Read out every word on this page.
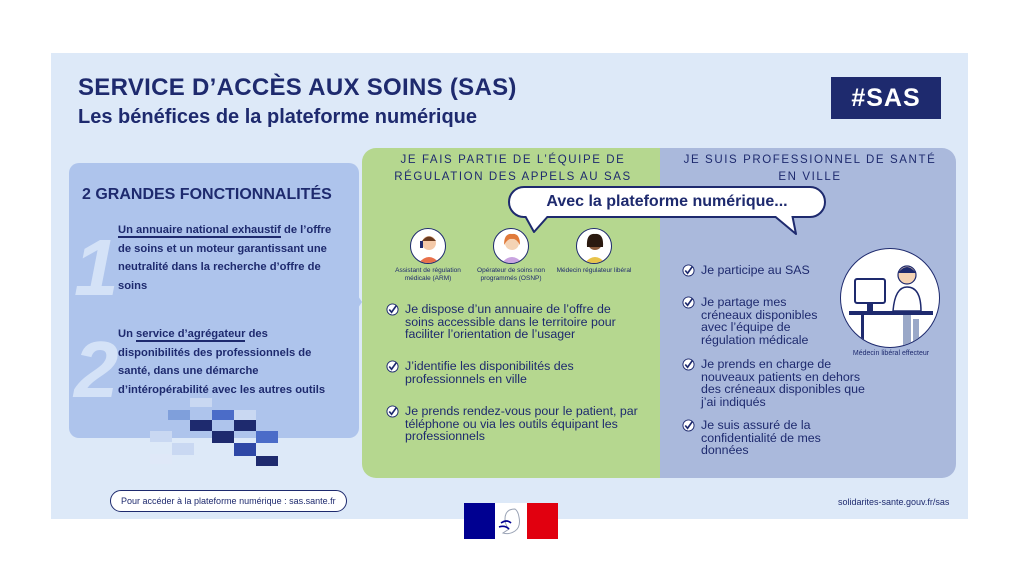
SERVICE D’ACCÈS AUX SOINS (SAS)
Les bénéfices de la plateforme numérique
#SAS
2 GRANDES FONCTIONNALITÉS
1 Un annuaire national exhaustif de l’offre de soins et un moteur garantissant une neutralité dans la recherche d’offre de soins
2 Un service d’agrégateur des disponibilités des professionnels de santé, dans une démarche d’intéropérabilité avec les autres outils
JE FAIS PARTIE DE L’ÉQUIPE DE RÉGULATION DES APPELS AU SAS
JE SUIS PROFESSIONNEL DE SANTÉ EN VILLE
Avec la plateforme numérique...
Assistant de régulation médicale (ARM)
Opérateur de soins non programmés (OSNP)
Médecin régulateur libéral
Je dispose d’un annuaire de l’offre de soins accessible dans le territoire pour faciliter l’orientation de l’usager
J’identifie les disponibilités des professionnels en ville
Je prends rendez-vous pour le patient, par téléphone ou via les outils équipant les professionnels
Je participe au SAS
Je partage mes créneaux disponibles avec l’équipe de régulation médicale
Je prends en charge de nouveaux patients en dehors des créneaux disponibles que j’ai indiqués
Je suis assuré de la confidentialité de mes données
Médecin libéral effecteur
Pour accéder à la plateforme numérique : sas.sante.fr	solidarites-sante.gouv.fr/sas
